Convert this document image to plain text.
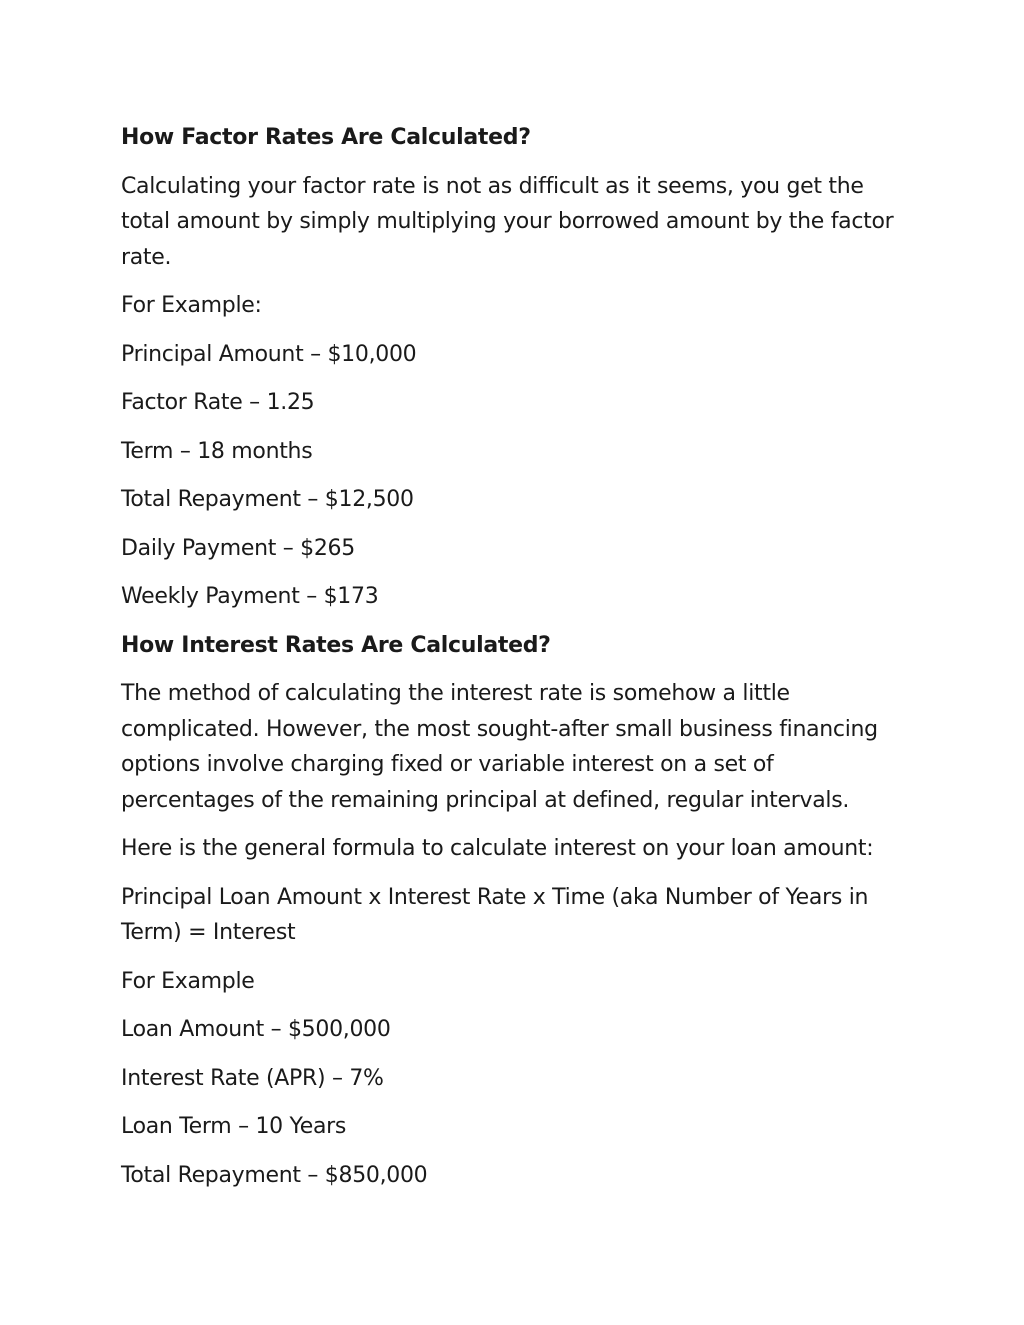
How Factor Rates Are Calculated?
Calculating your factor rate is not as difficult as it seems, you get the total amount by simply multiplying your borrowed amount by the factor rate.
For Example:
Principal Amount – $10,000
Factor Rate – 1.25
Term – 18 months
Total Repayment – $12,500
Daily Payment – $265
Weekly Payment – $173
How Interest Rates Are Calculated?
The method of calculating the interest rate is somehow a little complicated. However, the most sought-after small business financing options involve charging fixed or variable interest on a set of percentages of the remaining principal at defined, regular intervals.
Here is the general formula to calculate interest on your loan amount:
Principal Loan Amount x Interest Rate x Time (aka Number of Years in Term) = Interest
For Example
Loan Amount – $500,000
Interest Rate (APR) – 7%
Loan Term – 10 Years
Total Repayment – $850,000
